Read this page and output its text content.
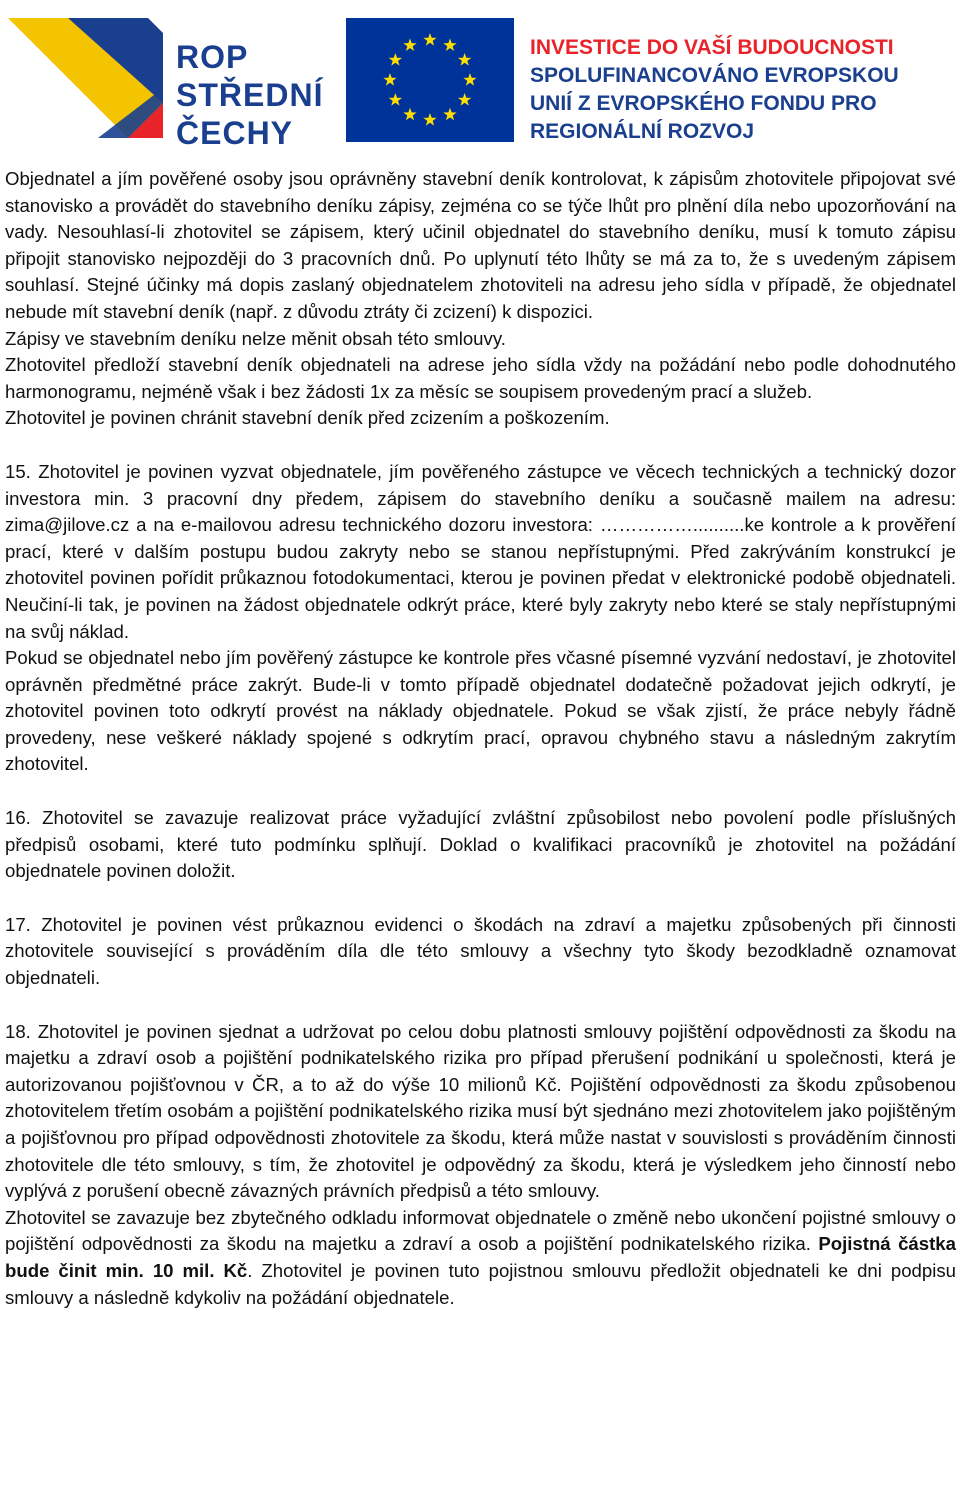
ROP
STŘEDNÍ
ČECHY
INVESTICE DO VAŠÍ BUDOUCNOSTI
SPOLUFINANCOVÁNO EVROPSKOU
UNIÍ Z EVROPSKÉHO FONDU PRO
REGIONÁLNÍ ROZVOJ

Objednatel a jím pověřené osoby jsou oprávněny stavební deník kontrolovat, k zápisům zhotovitele připojovat své stanovisko a provádět do stavebního deníku zápisy, zejména co se týče lhůt pro plnění díla nebo upozorňování na vady. Nesouhlasí-li zhotovitel se zápisem, který učinil objednatel do stavebního deníku, musí k tomuto zápisu připojit stanovisko nejpozději do 3 pracovních dnů. Po uplynutí této lhůty se má za to, že s uvedeným zápisem souhlasí. Stejné účinky má dopis zaslaný objednatelem zhotoviteli na adresu jeho sídla v případě, že objednatel nebude mít stavební deník (např. z důvodu ztráty či zcizení) k dispozici.

Zápisy ve stavebním deníku nelze měnit obsah této smlouvy.

Zhotovitel předloží stavební deník objednateli na adrese jeho sídla vždy na požádání nebo podle dohodnutého harmonogramu, nejméně však i bez žádosti 1x za měsíc se soupisem provedeným prací a služeb.

Zhotovitel je povinen chránit stavební deník před zcizením a poškozením.

15. Zhotovitel je povinen vyzvat objednatele, jím pověřeného zástupce ve věcech technických a technický dozor investora min. 3 pracovní dny předem, zápisem do stavebního deníku a současně mailem na adresu: zima@jilove.cz a na e-mailovou adresu technického dozoru investora: ……………..........ke kontrole a k prověření prací, které v dalším postupu budou zakryty nebo se stanou nepřístupnými. Před zakrýváním konstrukcí je zhotovitel povinen pořídit průkaznou fotodokumentaci, kterou je povinen předat v elektronické podobě objednateli. Neučiní-li tak, je povinen na žádost objednatele odkrýt práce, které byly zakryty nebo které se staly nepřístupnými na svůj náklad.

Pokud se objednatel nebo jím pověřený zástupce ke kontrole přes včasné písemné vyzvání nedostaví, je zhotovitel oprávněn předmětné práce zakrýt. Bude-li v tomto případě objednatel dodatečně požadovat jejich odkrytí, je zhotovitel povinen toto odkrytí provést na náklady objednatele. Pokud se však zjistí, že práce nebyly řádně provedeny, nese veškeré náklady spojené s odkrytím prací, opravou chybného stavu a následným zakrytím zhotovitel.

16. Zhotovitel se zavazuje realizovat práce vyžadující zvláštní způsobilost nebo povolení podle příslušných předpisů osobami, které tuto podmínku splňují. Doklad o kvalifikaci pracovníků je zhotovitel na požádání objednatele povinen doložit.

17. Zhotovitel je povinen vést průkaznou evidenci o škodách na zdraví a majetku způsobených při činnosti zhotovitele související s prováděním díla dle této smlouvy a všechny tyto škody bezodkladně oznamovat objednateli.

18. Zhotovitel je povinen sjednat a udržovat po celou dobu platnosti smlouvy pojištění odpovědnosti za škodu na majetku a zdraví osob a pojištění podnikatelského rizika pro případ přerušení podnikání u společnosti, která je autorizovanou pojišťovnou v ČR, a to až do výše 10 milionů Kč. Pojištění odpovědnosti za škodu způsobenou zhotovitelem třetím osobám a pojištění podnikatelského rizika musí být sjednáno mezi zhotovitelem jako pojištěným a pojišťovnou pro případ odpovědnosti zhotovitele za škodu, která může nastat v souvislosti s prováděním činnosti zhotovitele dle této smlouvy, s tím, že zhotovitel je odpovědný za škodu, která je výsledkem jeho činností nebo vyplývá z porušení obecně závazných právních předpisů a této smlouvy.

Zhotovitel se zavazuje bez zbytečného odkladu informovat objednatele o změně nebo ukončení pojistné smlouvy o pojištění odpovědnosti za škodu na majetku a zdraví a osob a pojištění podnikatelského rizika. Pojistná částka bude činit min. 10 mil. Kč. Zhotovitel je povinen tuto pojistnou smlouvu předložit objednateli ke dni podpisu smlouvy a následně kdykoliv na požádání objednatele.
